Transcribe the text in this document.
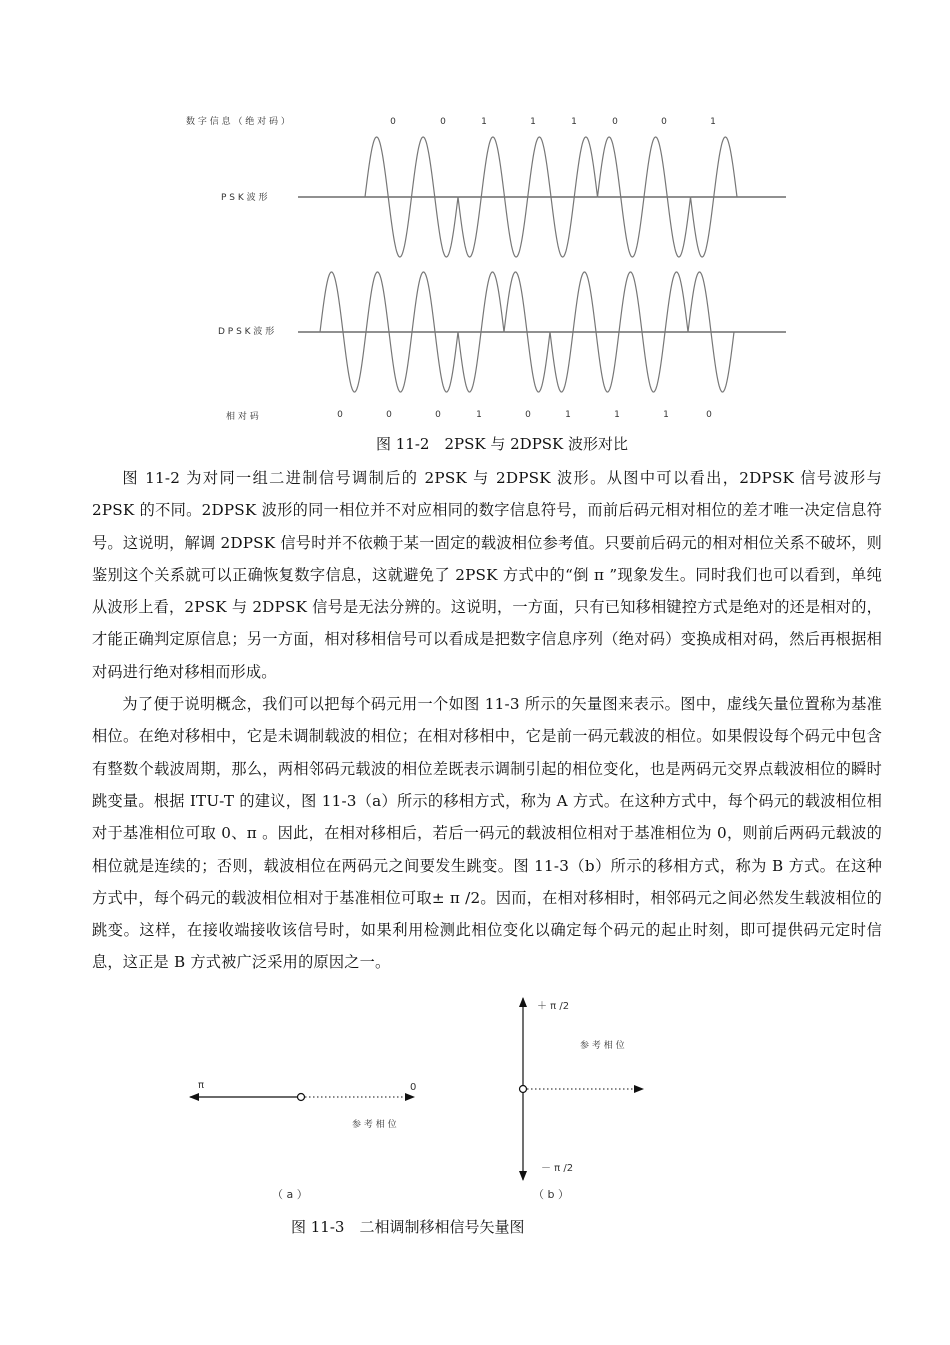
数 字 信 息 （ 绝 对 码 ）
P S K 波 形
D P S K 波 形
相 对 码
0	0	1	1	1	0	0	1
0	0	0	1	0	1	1	1	0
图 11-2　2PSK 与 2DPSK 波形对比

图 11-2 为对同一组二进制信号调制后的 2PSK 与 2DPSK 波形。从图中可以看出，2DPSK 信号波形与 2PSK 的不同。2DPSK 波形的同一相位并不对应相同的数字信息符号，而前后码元相对相位的差才唯一决定信息符号。这说明，解调 2DPSK 信号时并不依赖于某一固定的载波相位参考值。只要前后码元的相对相位关系不破坏，则鉴别这个关系就可以正确恢复数字信息，这就避免了 2PSK 方式中的“倒 π ”现象发生。同时我们也可以看到，单纯从波形上看，2PSK 与 2DPSK 信号是无法分辨的。这说明，一方面，只有已知移相键控方式是绝对的还是相对的，才能正确判定原信息；另一方面，相对移相信号可以看成是把数字信息序列（绝对码）变换成相对码，然后再根据相对码进行绝对移相而形成。

为了便于说明概念，我们可以把每个码元用一个如图 11-3 所示的矢量图来表示。图中，虚线矢量位置称为基准相位。在绝对移相中，它是未调制载波的相位；在相对移相中，它是前一码元载波的相位。如果假设每个码元中包含有整数个载波周期，那么，两相邻码元载波的相位差既表示调制引起的相位变化，也是两码元交界点载波相位的瞬时跳变量。根据 ITU-T 的建议，图 11-3（a）所示的移相方式，称为 A 方式。在这种方式中，每个码元的载波相位相对于基准相位可取 0、π 。因此，在相对移相后，若后一码元的载波相位相对于基准相位为 0，则前后两码元载波的相位就是连续的；否则，载波相位在两码元之间要发生跳变。图 11-3（b）所示的移相方式，称为 B 方式。在这种方式中，每个码元的载波相位相对于基准相位可取± π /2。因而，在相对移相时，相邻码元之间必然发生载波相位的跳变。这样，在接收端接收该信号时，如果利用检测此相位变化以确定每个码元的起止时刻，即可提供码元定时信息，这正是 B 方式被广泛采用的原因之一。

π	0
参 考 相 位
（ a ）
＋ π /2
参 考 相 位
－ π /2
（ b ）
图 11-3　二相调制移相信号矢量图
